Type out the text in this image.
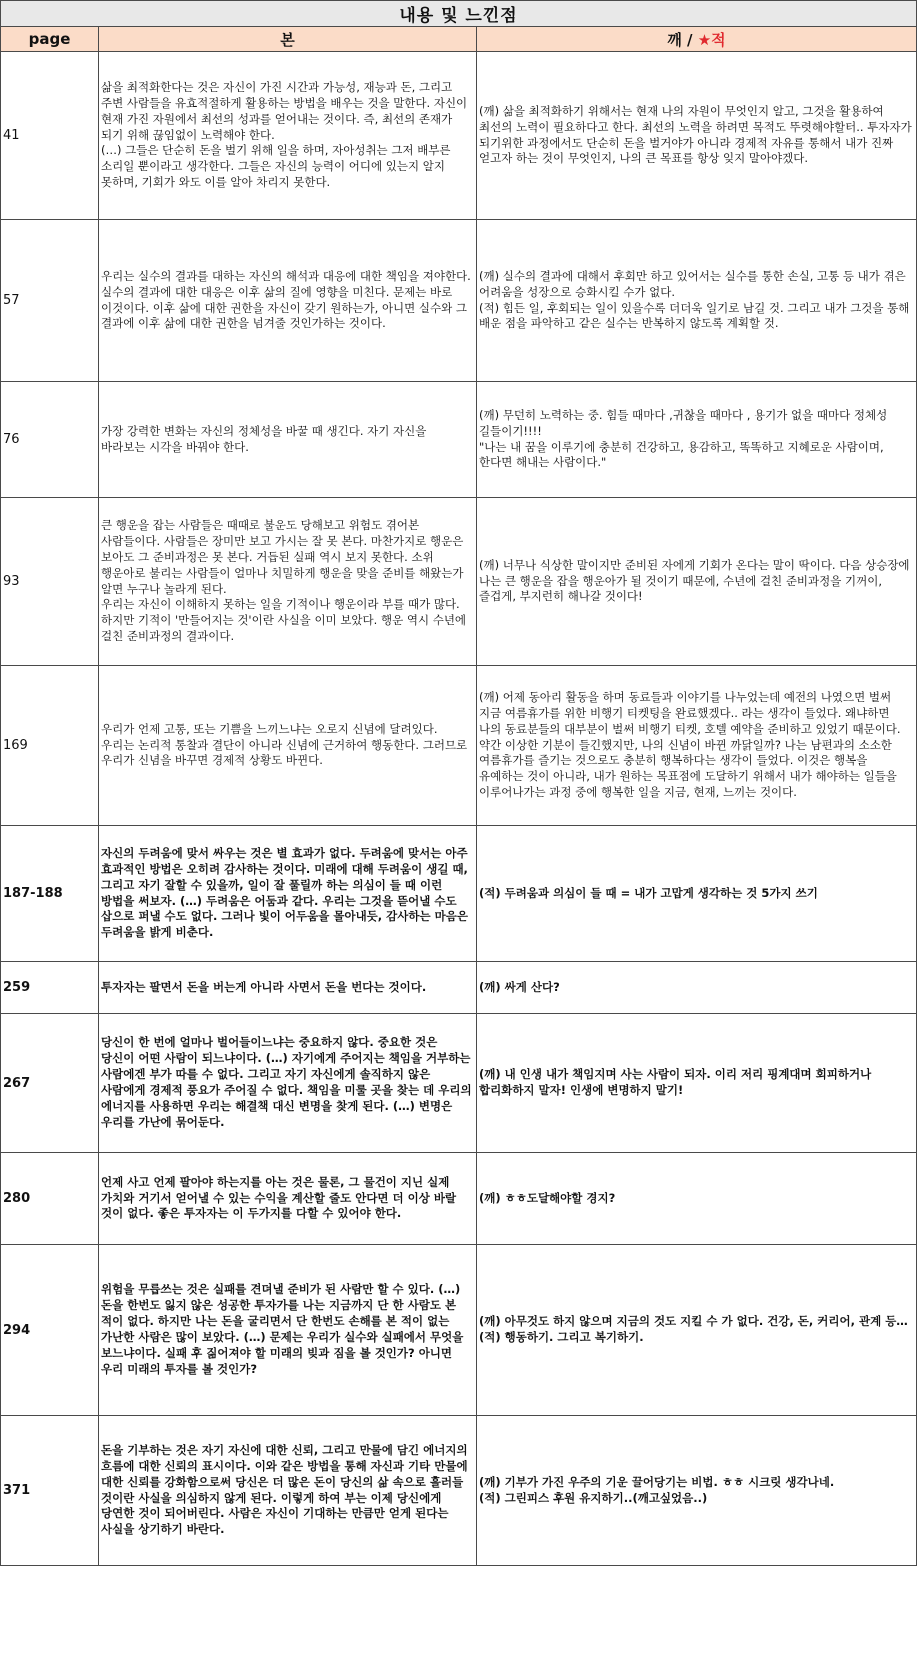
내용 및 느낀점		
page	본	깨 / ★적
41	삶을 최적화한다는 것은 자신이 가진 시간과 가능성, 재능과 돈, 그리고 주변 사람들을 유효적절하게 활용하는 방법을 배우는 것을 말한다. 자신이 현재 가진 자원에서 최선의 성과를 얻어내는 것이다. 즉, 최선의 존재가 되기 위해 끊임없이 노력해야 한다.
(…) 그들은 단순히 돈을 벌기 위해 일을 하며, 자아성취는 그저 배부른 소리일 뿐이라고 생각한다. 그들은 자신의 능력이 어디에 있는지 알지 못하며, 기회가 와도 이를 알아 차리지 못한다.	(깨) 삶을 최적화하기 위해서는 현재 나의 자원이 무엇인지 알고, 그것을 활용하여 최선의 노력이 필요하다고 한다. 최선의 노력을 하려면 목적도 뚜렷해야할터.. 투자자가 되기위한 과정에서도 단순히 돈을 벌거야가 아니라 경제적 자유를 통해서 내가 진짜 얻고자 하는 것이 무엇인지, 나의 큰 목표를 항상 잊지 말아야겠다.
57	우리는 실수의 결과를 대하는 자신의 해석과 대응에 대한 책임을 져야한다. 실수의 결과에 대한 대응은 이후 삶의 질에 영향을 미친다. 문제는 바로 이것이다. 이후 삶에 대한 권한을 자신이 갖기 원하는가, 아니면 실수와 그 결과에 이후 삶에 대한 권한을 넘겨줄 것인가하는 것이다.	(깨) 실수의 결과에 대해서 후회만 하고 있어서는 실수를 통한 손실, 고통 등 내가 겪은 어려움을 성장으로 승화시킬 수가 없다.
(적) 힘든 일, 후회되는 일이 있을수록 더더욱 일기로 남길 것. 그리고 내가 그것을 통해 배운 점을 파악하고 같은 실수는 반복하지 않도록 계획할 것.
76	가장 강력한 변화는 자신의 정체성을 바꿀 때 생긴다. 자기 자신을 바라보는 시각을 바꿔야 한다.	(깨) 무던히 노력하는 중. 힘들 때마다 ,귀찮을 때마다 , 용기가 없을 때마다 정체성 길들이기!!!!
"나는 내 꿈을 이루기에 충분히 건강하고, 용감하고, 똑똑하고 지혜로운 사람이며, 한다면 해내는 사람이다."
93	큰 행운을 잡는 사람들은 때때로 불운도 당해보고 위험도 겪어본 사람들이다. 사람들은 장미만 보고 가시는 잘 못 본다. 마찬가지로 행운은 보아도 그 준비과정은 못 본다. 거듭된 실패 역시 보지 못한다. 소위 행운아로 불리는 사람들이 얼마나 치밀하게 행운을 맞을 준비를 해왔는가 알면 누구나 놀라게 된다.
우리는 자신이 이해하지 못하는 일을 기적이나 행운이라 부를 때가 많다. 하지만 기적이 '만들어지는 것'이란 사실을 이미 보았다. 행운 역시 수년에 걸친 준비과정의 결과이다.	(깨) 너무나 식상한 말이지만 준비된 자에게 기회가 온다는 말이 딱이다. 다음 상승장에 나는 큰 행운을 잡을 행운아가 될 것이기 때문에, 수년에 걸친 준비과정을 기꺼이, 즐겁게, 부지런히 해나갈 것이다!
169	우리가 언제 고통, 또는 기쁨을 느끼느냐는 오로지 신념에 달려있다. 우리는 논리적 통찰과 결단이 아니라 신념에 근거하여 행동한다. 그러므로 우리가 신념을 바꾸면 경제적 상황도 바뀐다.	(깨) 어제 동아리 활동을 하며 동료들과 이야기를 나누었는데 예전의 나였으면 벌써 지금 여름휴가를 위한 비행기 티켓팅을 완료했겠다.. 라는 생각이 들었다. 왜냐하면 나의 동료분들의 대부분이 벌써 비행기 티켓, 호텔 예약을 준비하고 있었기 때문이다. 약간 이상한 기분이 들긴했지만, 나의 신념이 바뀐 까닭일까? 나는 남편과의 소소한 여름휴가를 즐기는 것으로도 충분히 행복하다는 생각이 들었다. 이것은 행복을 유예하는 것이 아니라, 내가 원하는 목표점에 도달하기 위해서 내가 해야하는 일들을 이루어나가는 과정 중에 행복한 일을 지금, 현재, 느끼는 것이다.
187-188	자신의 두려움에 맞서 싸우는 것은 별 효과가 없다. 두려움에 맞서는 아주 효과적인 방법은 오히려 감사하는 것이다. 미래에 대해 두려움이 생길 때, 그리고 자기 잘할 수 있을까, 일이 잘 풀릴까 하는 의심이 들 때 이런 방법을 써보자. (…) 두려움은 어둠과 같다. 우리는 그것을 뜯어낼 수도 삽으로 퍼낼 수도 없다. 그러나 빛이 어두움을 몰아내듯, 감사하는 마음은 두려움을 밝게 비춘다.	(적) 두려움과 의심이 들 때 = 내가 고맙게 생각하는 것 5가지 쓰기
259	투자자는 팔면서 돈을 버는게 아니라 사면서 돈을 번다는 것이다.	(깨) 싸게 산다?
267	당신이 한 번에 얼마나 벌어들이느냐는 중요하지 않다. 중요한 것은 당신이 어떤 사람이 되느냐이다. (…) 자기에게 주어지는 책임을 거부하는 사람에겐 부가 따를 수 없다. 그리고 자기 자신에게 솔직하지 않은 사람에게 경제적 풍요가 주어질 수 없다. 책임을 미룰 곳을 찾는 데 우리의 에너지를 사용하면 우리는 해결책 대신 변명을 찾게 된다. (…) 변명은 우리를 가난에 묶어둔다.	(깨) 내 인생 내가 책임지며 사는 사람이 되자. 이리 저리 핑계대며 회피하거나 합리화하지 말자! 인생에 변명하지 말기!
280	언제 사고 언제 팔아야 하는지를 아는 것은 물론, 그 물건이 지닌 실제 가치와 거기서 얻어낼 수 있는 수익을 계산할 줄도 안다면 더 이상 바랄 것이 없다. 좋은 투자자는 이 두가지를 다할 수 있어야 한다.	(깨) ㅎㅎ도달해야할 경지?
294	위험을 무릅쓰는 것은 실패를 견뎌낼 준비가 된 사람만 할 수 있다. (…) 돈을 한번도 잃지 않은 성공한 투자가를 나는 지금까지 단 한 사람도 본 적이 없다. 하지만 나는 돈을 굴리면서 단 한번도 손해를 본 적이 없는 가난한 사람은 많이 보았다. (…) 문제는 우리가 실수와 실패에서 무엇을 보느냐이다. 실패 후 짊어져야 할 미래의 빚과 짐을 볼 것인가? 아니면 우리 미래의 투자를 볼 것인가?	(깨) 아무것도 하지 않으며 지금의 것도 지킬 수 가 없다. 건강, 돈, 커리어, 관계 등…
(적) 행동하기. 그리고 복기하기.
371	돈을 기부하는 것은 자기 자신에 대한 신뢰, 그리고 만물에 담긴 에너지의 흐름에 대한 신뢰의 표시이다. 이와 같은 방법을 통해 자신과 기타 만물에 대한 신뢰를 강화함으로써 당신은 더 많은 돈이 당신의 삶 속으로 흘러들 것이란 사실을 의심하지 않게 된다. 이렇게 하여 부는 이제 당신에게 당연한 것이 되어버린다. 사람은 자신이 기대하는 만큼만 얻게 된다는 사실을 상기하기 바란다.	(깨) 기부가 가진 우주의 기운 끌어당기는 비법. ㅎㅎ 시크릿 생각나네.
(적) 그린피스 후원 유지하기..(깨고싶었음..)
